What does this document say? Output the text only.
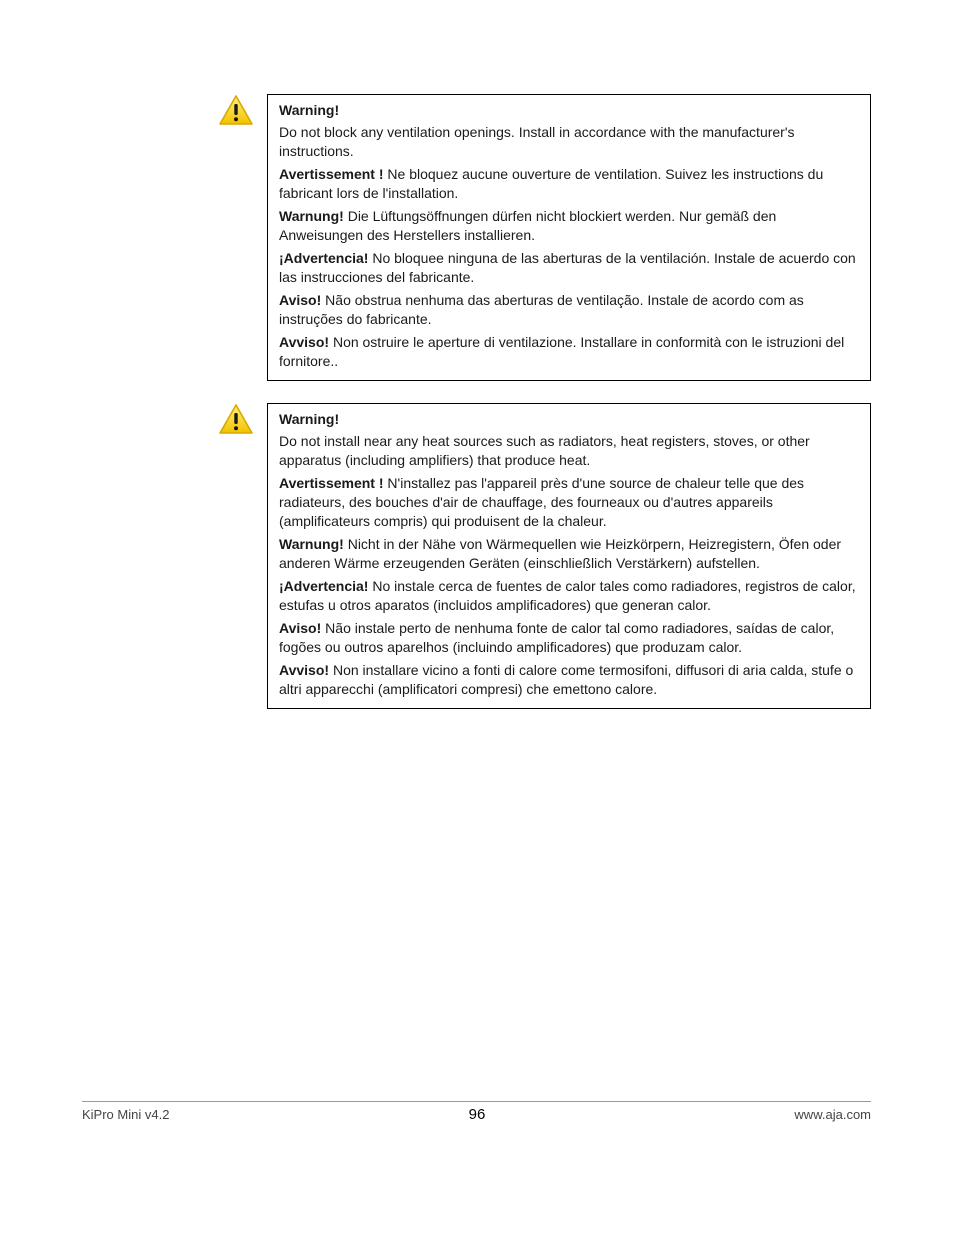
Warning!

Do not block any ventilation openings. Install in accordance with the manufacturer's instructions.

Avertissement ! Ne bloquez aucune ouverture de ventilation. Suivez les instructions du fabricant lors de l'installation.

Warnung! Die Lüftungsöffnungen dürfen nicht blockiert werden. Nur gemäß den Anweisungen des Herstellers installieren.

¡Advertencia! No bloquee ninguna de las aberturas de la ventilación. Instale de acuerdo con las instrucciones del fabricante.

Aviso! Não obstrua nenhuma das aberturas de ventilação. Instale de acordo com as instruções do fabricante.

Avviso! Non ostruire le aperture di ventilazione. Installare in conformità con le istruzioni del fornitore..

Warning!

Do not install near any heat sources such as radiators, heat registers, stoves, or other apparatus (including amplifiers) that produce heat.

Avertissement ! N'installez pas l'appareil près d'une source de chaleur telle que des radiateurs, des bouches d'air de chauffage, des fourneaux ou d'autres appareils (amplificateurs compris) qui produisent de la chaleur.

Warnung! Nicht in der Nähe von Wärmequellen wie Heizkörpern, Heizregistern, Öfen oder anderen Wärme erzeugenden Geräten (einschließlich Verstärkern) aufstellen.

¡Advertencia! No instale cerca de fuentes de calor tales como radiadores, registros de calor, estufas u otros aparatos (incluidos amplificadores) que generan calor.

Aviso! Não instale perto de nenhuma fonte de calor tal como radiadores, saídas de calor, fogões ou outros aparelhos (incluindo amplificadores) que produzam calor.

Avviso! Non installare vicino a fonti di calore come termosifoni, diffusori di aria calda, stufe o altri apparecchi (amplificatori compresi) che emettono calore.

KiPro Mini v4.2	96	www.aja.com
